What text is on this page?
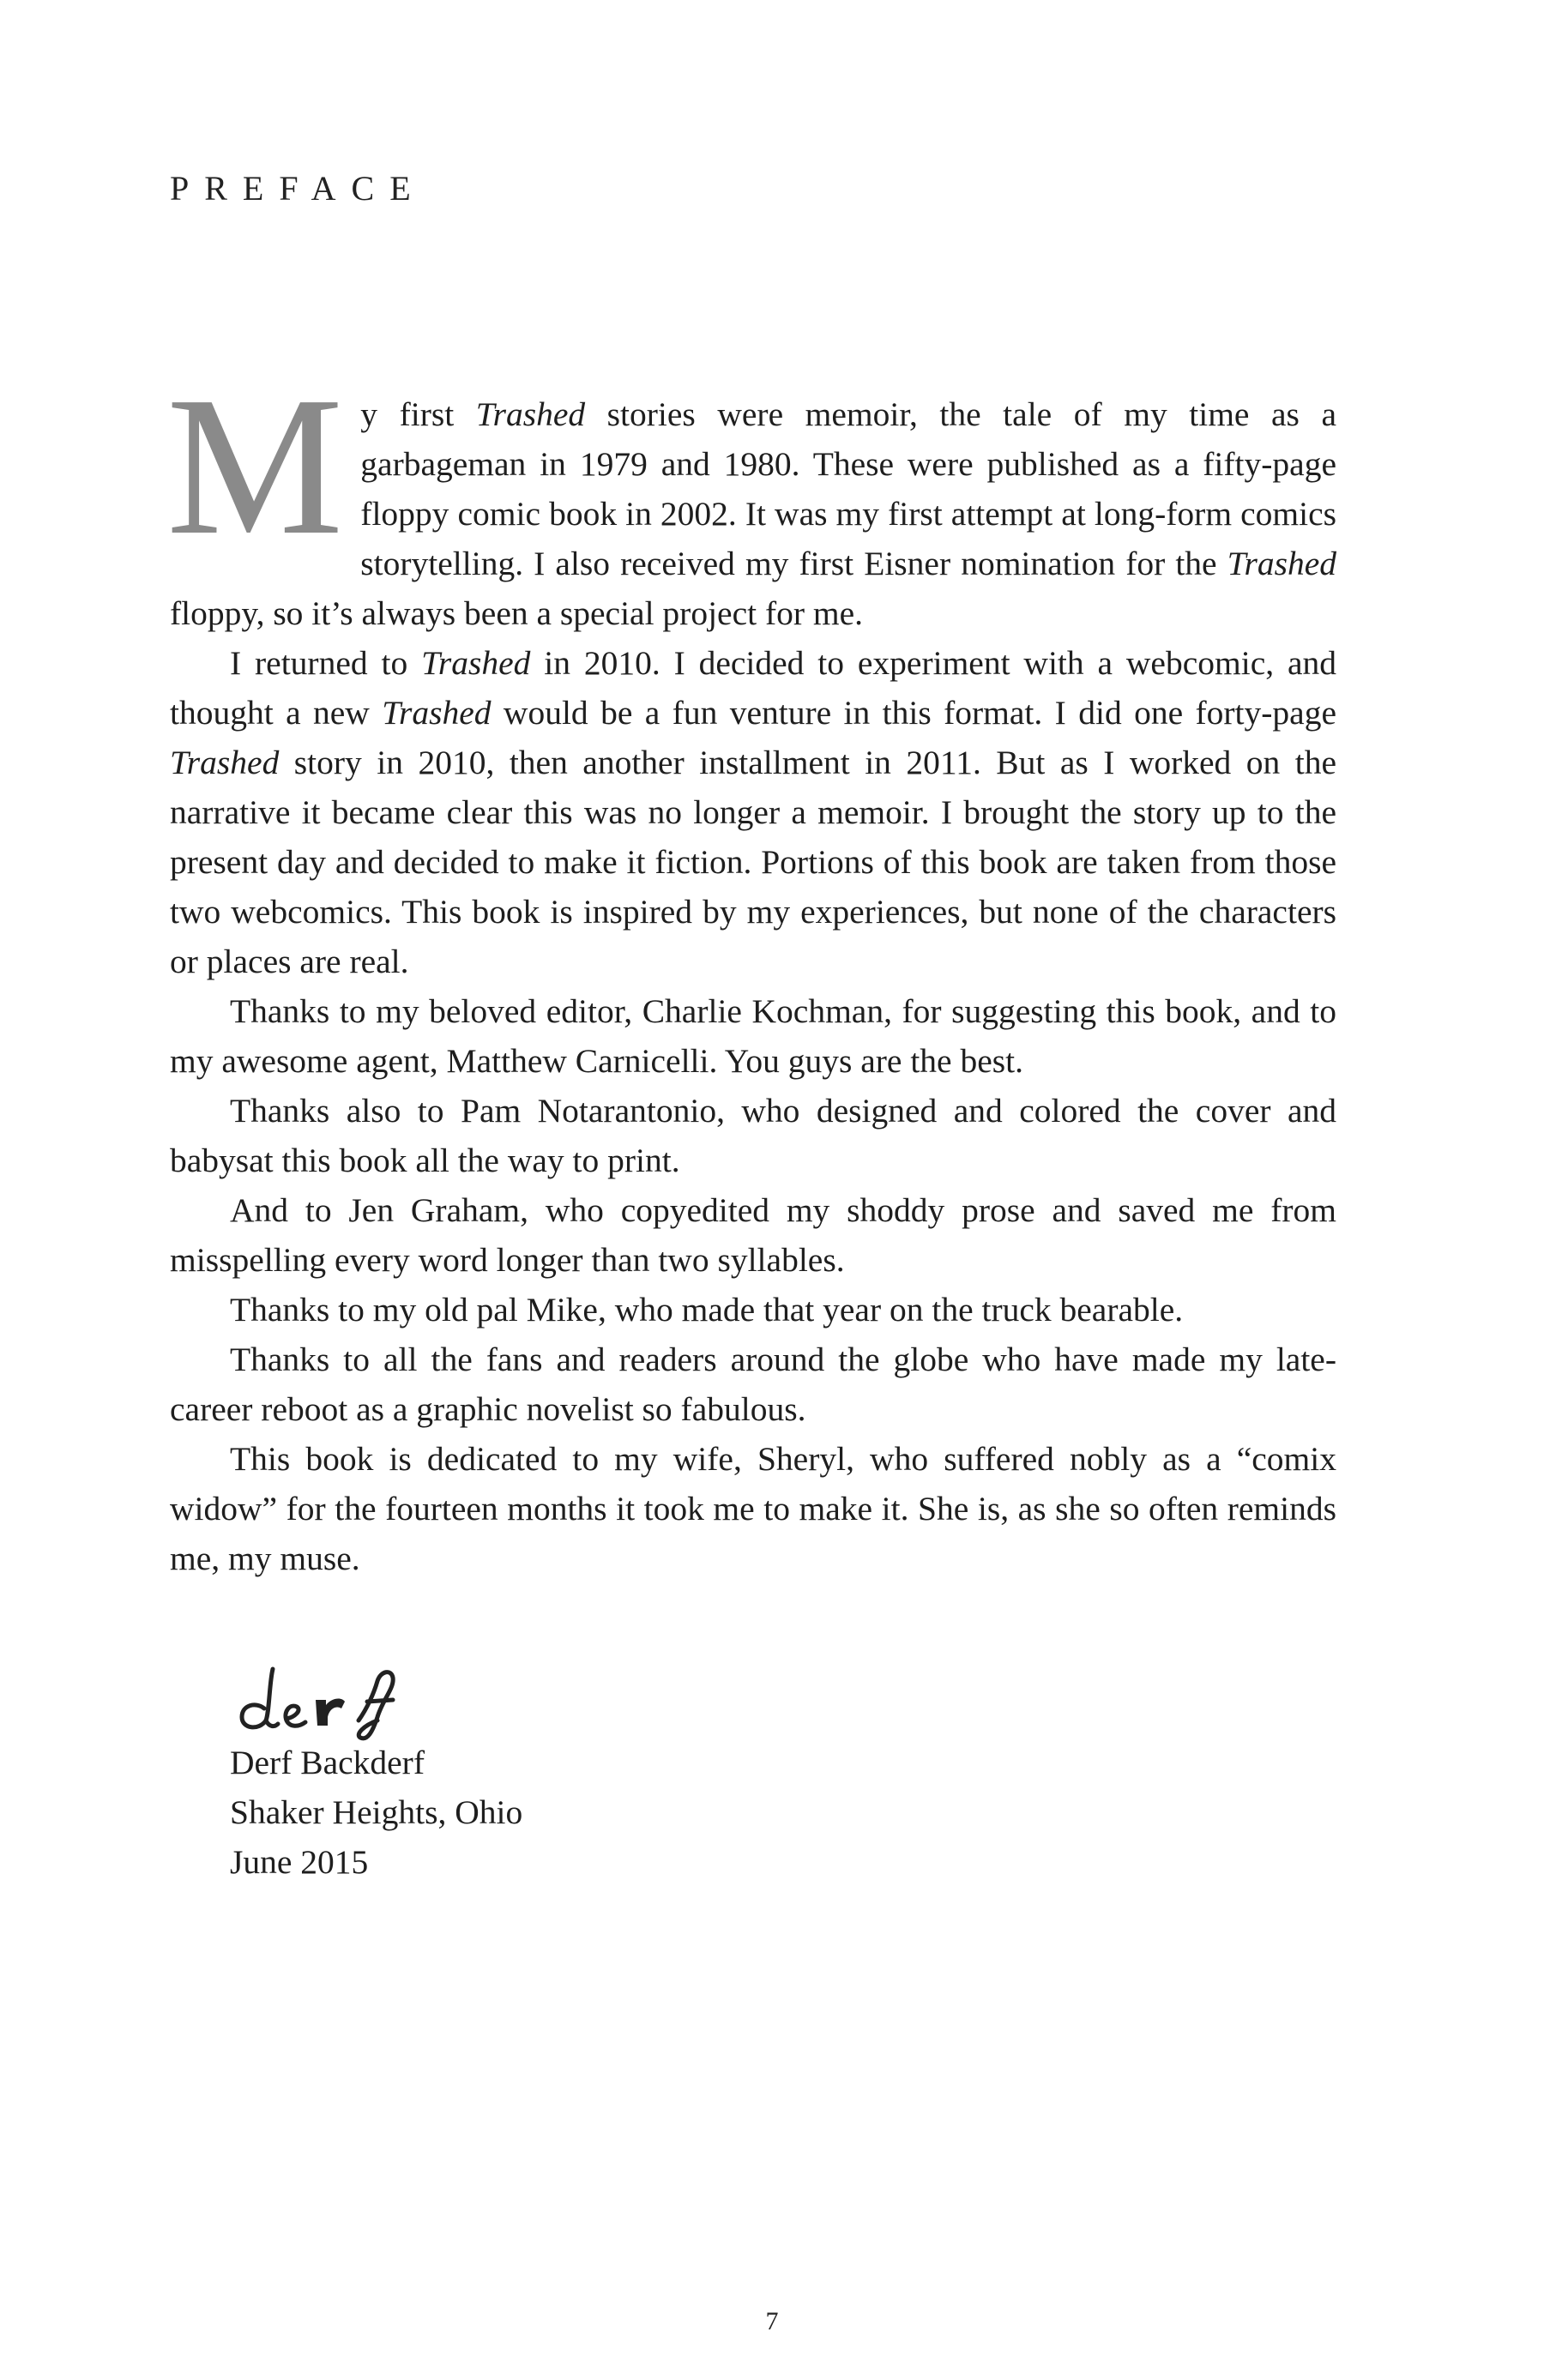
PREFACE

My first Trashed stories were memoir, the tale of my time as a garbageman in 1979 and 1980. These were published as a fifty-page floppy comic book in 2002. It was my first attempt at long-form comics storytelling. I also received my first Eisner nomination for the Trashed floppy, so it’s always been a special project for me.

I returned to Trashed in 2010. I decided to experiment with a webcomic, and thought a new Trashed would be a fun venture in this format. I did one forty-page Trashed story in 2010, then another installment in 2011. But as I worked on the narrative it became clear this was no longer a memoir. I brought the story up to the present day and decided to make it fiction. Portions of this book are taken from those two webcomics. This book is inspired by my experiences, but none of the characters or places are real.

Thanks to my beloved editor, Charlie Kochman, for suggesting this book, and to my awesome agent, Matthew Carnicelli. You guys are the best.

Thanks also to Pam Notarantonio, who designed and colored the cover and babysat this book all the way to print.

And to Jen Graham, who copyedited my shoddy prose and saved me from misspelling every word longer than two syllables.

Thanks to my old pal Mike, who made that year on the truck bearable.

Thanks to all the fans and readers around the globe who have made my late-career reboot as a graphic novelist so fabulous.

This book is dedicated to my wife, Sheryl, who suffered nobly as a “comix widow” for the fourteen months it took me to make it. She is, as she so often reminds me, my muse.

Derf Backderf
Shaker Heights, Ohio
June 2015
7
